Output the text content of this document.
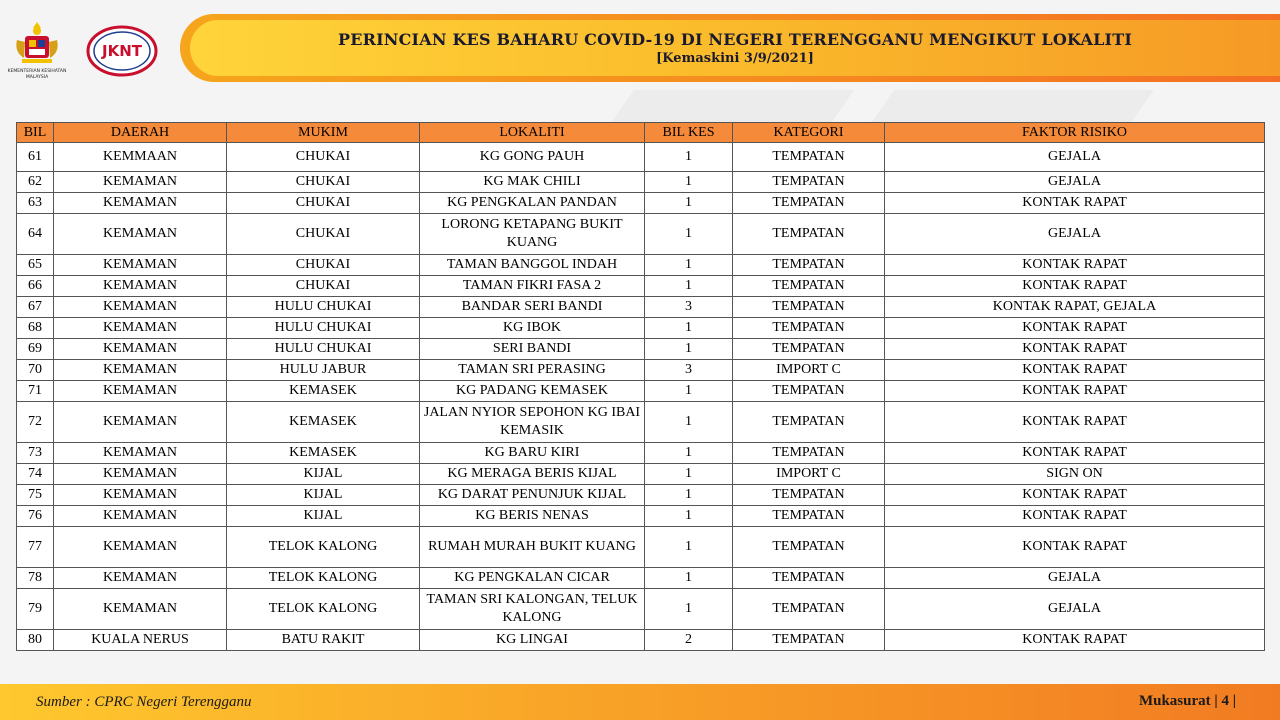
KEMENTERIAN KESIHATAN
MALAYSIA
JKNT
PERINCIAN KES BAHARU COVID-19 DI NEGERI TERENGGANU MENGIKUT LOKALITI
[Kemaskini 3/9/2021]
BIL	DAERAH	MUKIM	LOKALITI	BIL KES	KATEGORI	FAKTOR RISIKO
61	KEMMAAN	CHUKAI	KG GONG PAUH	1	TEMPATAN	GEJALA
62	KEMAMAN	CHUKAI	KG MAK CHILI	1	TEMPATAN	GEJALA
63	KEMAMAN	CHUKAI	KG PENGKALAN PANDAN	1	TEMPATAN	KONTAK RAPAT
64	KEMAMAN	CHUKAI	LORONG KETAPANG BUKIT KUANG	1	TEMPATAN	GEJALA
65	KEMAMAN	CHUKAI	TAMAN BANGGOL INDAH	1	TEMPATAN	KONTAK RAPAT
66	KEMAMAN	CHUKAI	TAMAN FIKRI FASA 2	1	TEMPATAN	KONTAK RAPAT
67	KEMAMAN	HULU CHUKAI	BANDAR SERI BANDI	3	TEMPATAN	KONTAK RAPAT, GEJALA
68	KEMAMAN	HULU CHUKAI	KG IBOK	1	TEMPATAN	KONTAK RAPAT
69	KEMAMAN	HULU CHUKAI	SERI BANDI	1	TEMPATAN	KONTAK RAPAT
70	KEMAMAN	HULU JABUR	TAMAN SRI PERASING	3	IMPORT C	KONTAK RAPAT
71	KEMAMAN	KEMASEK	KG PADANG KEMASEK	1	TEMPATAN	KONTAK RAPAT
72	KEMAMAN	KEMASEK	JALAN NYIOR SEPOHON KG IBAI KEMASIK	1	TEMPATAN	KONTAK RAPAT
73	KEMAMAN	KEMASEK	KG BARU KIRI	1	TEMPATAN	KONTAK RAPAT
74	KEMAMAN	KIJAL	KG MERAGA BERIS KIJAL	1	IMPORT C	SIGN ON
75	KEMAMAN	KIJAL	KG DARAT PENUNJUK KIJAL	1	TEMPATAN	KONTAK RAPAT
76	KEMAMAN	KIJAL	KG BERIS NENAS	1	TEMPATAN	KONTAK RAPAT
77	KEMAMAN	TELOK KALONG	RUMAH MURAH BUKIT KUANG	1	TEMPATAN	KONTAK RAPAT
78	KEMAMAN	TELOK KALONG	KG PENGKALAN CICAR	1	TEMPATAN	GEJALA
79	KEMAMAN	TELOK KALONG	TAMAN SRI KALONGAN, TELUK KALONG	1	TEMPATAN	GEJALA
80	KUALA NERUS	BATU RAKIT	KG LINGAI	2	TEMPATAN	KONTAK RAPAT
Sumber : CPRC Negeri Terengganu	Mukasurat | 4 |
